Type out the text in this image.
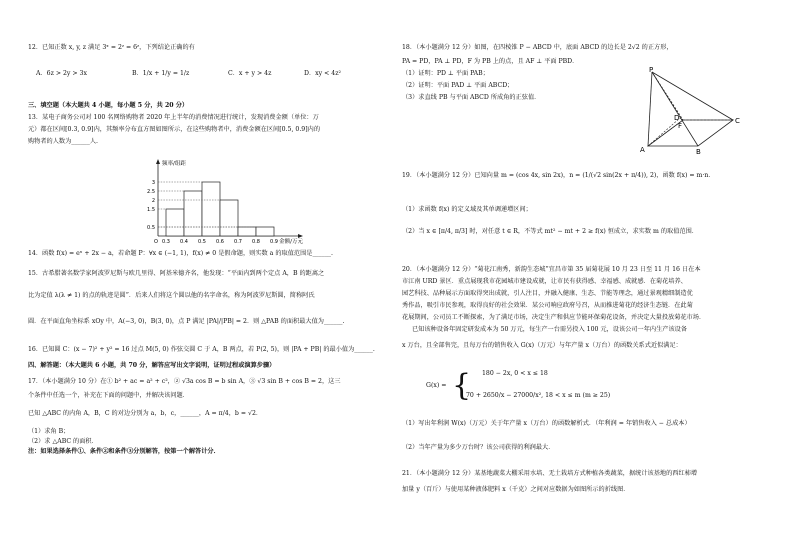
12．已知正数 x, y, z 满足 3ˣ = 2ᶻ = 6ᶻ，下列结论正确的有
A．6z > 2y > 3x	B．1/x + 1/y = 1/z	C．x + y > 4z	D．xy < 4z²
三、填空题（本大题共 4 小题，每小题 5 分，共 20 分）
13．某电子商务公司对 100 名网络购物者 2020 年上半年的消费情况进行统计，发现消费金额（单位：万
元）都在区间[0.3, 0.9]内，其频率分布直方图如图所示，在这些购物者中，消费金额在区间[0.5, 0.9]内的
购物者的人数为______人.
3
2.5
2
1.5
0.5
O 0.3 0.4 0.5 0.6 0.7 0.8 0.9
频率/组距
金额/万元
14．函数 f(x) = eˣ + 2x − a，若命题 P：∀x ∈ (−1, 1)，f(x) ≠ 0 是假命题，则实数 a 的取值范围是______.
15．古希腊著名数学家阿波罗尼斯与欧几里得、阿基米德齐名，他发现：“平面内到两个定点 A，B 的距离之
比为定值 λ(λ ≠ 1) 的点的轨迹是圆”．后来人们将这个圆以他的名字命名，称为阿波罗尼斯圆，简称阿氏
圆．在平面直角坐标系 xOy 中，A(−3, 0)，B(3, 0)，点 P 满足 |PA|/|PB| = 2．则 △PAB 的面积最大值为______.
16．已知圆 C：(x − 7)² + y² = 16 过点 M(5, 0) 作弦交圆 C 于 A，B 两点，若 P(2, 5)，则 |PA + PB| 的最小值为______.
四、解答题：（本大题共 6 小题，共 70 分，解答应写出文字说明，证明过程或演算步骤）
17．（本小题满分 10 分）在① b² + ac = a² + c²，② √3a cos B = b sin A，③ √3 sin B + cos B = 2，这三
个条件中任选一个，补充在下面的问题中，并解决该问题．
已知 △ABC 的内角 A，B，C 的对边分别为 a，b，c，______，A = π/4，b = √2．
（1）求角 B；
（2）求 △ABC 的面积．
注：如果选择条件①、条件②和条件③分别解答，按第一个解答计分．
18．（本小题满分 12 分）如图，在四棱锥 P − ABCD 中，底面 ABCD 的边长是 2√2 的正方形，
PA = PD，PA ⊥ PD，F 为 PB 上的点，且 AF ⊥ 平面 PBD．
（1）证明：PD ⊥ 平面 PAB；
（2）证明：平面 PAD ⊥ 平面 ABCD；
（3）求直线 PB 与平面 ABCD 所成角的正弦值．
P
D
F
A	B
C
19．（本小题满分 12 分）已知向量 m = (cos 4x, sin 2x)，n = (1/(√2 sin(2x + π/4)), 2)，函数 f(x) = m·n．
（1）求函数 f(x) 的定义域及其单调递增区间；
（2）当 x ∈ [π/4, π/3] 时，对任意 t ∈ R，不等式 mt² − mt + 2 ≥ f(x) 恒成立，求实数 m 的取值范围．
20．（本小题满分 12 分）“菊花江南秀，新韵生态城”宜昌市第 35 届菊花展 10 月 23 日至 11 月 16 日在本
市江南 URD 景区．重点展现我市花园城市建设成就，让市民有获得感、幸福感、成就感．在菊花培养、
园艺科技、品种展示方面取得突出成就，引人注目，并融入健康、生态、节能等理念，通过景观精细制造优
秀作品，吸引市民参观，取得良好的社会效果．某公司响应政府号召，从而推进菊花的经济生态链．在此菊
花展期间，公司员工不断探索，为了满足市场，决定生产和供应节能环保菊花设备，并决定大量投放菊花市场．
已知该种设备年固定研发成本为 50 万元，每生产一台需另投入 100 元，设该公司一年内生产该设备
x 万台，且全部售完，且每万台的销售收入 G(x)（万元）与年产量 x（万台）的函数关系式近似满足：
G(x) = { 180 − 2x, 0 < x ≤ 18
70 + 2650/x − 27000/x², 18 < x ≤ m (m ≥ 25)
（1）写出年利润 W(x)（万元）关于年产量 x（万台）的函数解析式．（年利润 = 年销售收入 − 总成本）
（2）当年产量为多少万台时？该公司获得的利润最大．
21．（本小题满分 12 分）某基地蔬菜大棚采用水培、无土栽培方式种植各类蔬菜，据统计该基地的西红柿增
加量 y（百斤）与使用某种液体肥料 x（千克）之间对应数据为如图所示的折线图．
